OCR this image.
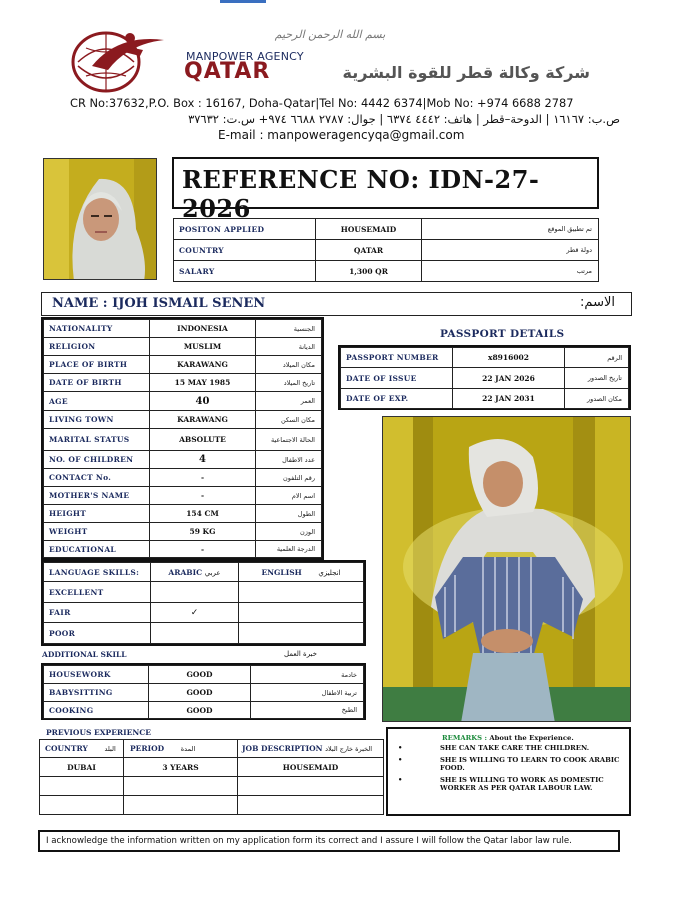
بسم الله الرحمن الرحيم
MANPOWER AGENCY
QATAR	شركة وكالة قطر للقوة البشرية
CR No:37632,P.O. Box : 16167, Doha-Qatar|Tel No: 4442 6374|Mob No: +974 6688 2787
ص.ب: ١٦١٦٧ | الدوحة–قطر | هاتف: ٤٤٤٢ ٦٣٧٤ | جوال: ٢٧٨٧ ٦٦٨٨ ٩٧٤+ س.ت: ٣٧٦٣٢
E-mail : manpoweragencyqa@gmail.com
REFERENCE NO: IDN-27-2026
POSITON APPLIED	HOUSEMAID	تم تطبيق الموقع
COUNTRY	QATAR	دولة قطر
SALARY	1,300 QR	مرتب
NAME : IJOH ISMAIL SENEN	الاسم:
NATIONALITY	INDONESIA	الجنسية
RELIGION	MUSLIM	الديانة
PLACE OF BIRTH	KARAWANG	مكان الميلاد
DATE OF BIRTH	15 MAY 1985	تاريخ الميلاد
AGE	40	العمر
LIVING TOWN	KARAWANG	مكان السكن
MARITAL STATUS	ABSOLUTE	الحالة الاجتماعية
NO. OF CHILDREN	4	عدد الاطفال
CONTACT No.	-	رقم التلفون
MOTHER'S NAME	-	اسم الام
HEIGHT	154 CM	الطول
WEIGHT	59 KG	الوزن
EDUCATIONAL	-	الدرجة العلمية
PASSPORT DETAILS
PASSPORT NUMBER	x8916002	الرقم
DATE OF ISSUE	22 JAN 2026	تاريخ الصدور
DATE OF EXP.	22 JAN 2031	مكان الصدور
LANGUAGE SKILLS:	ARABIC عربي	ENGLISH انجليزي
EXCELLENT		
FAIR	✓	
POOR		
ADDITIONAL SKILL	خبرة العمل
HOUSEWORK	GOOD	خادمة
BABYSITTING	GOOD	تربية الاطفال
COOKING	GOOD	الطبخ
PREVIOUS EXPERIENCE
COUNTRY البلد	PERIOD المدة	JOB DESCRIPTION الخبرة خارج البلاد
DUBAI	3 YEARS	HOUSEMAID

REMARKS : About the Experience.
•	SHE CAN TAKE CARE THE CHILDREN.
•	SHE IS WILLING TO LEARN TO COOK ARABIC FOOD.
•	SHE IS WILLING TO WORK AS DOMESTIC WORKER AS PER QATAR LABOUR LAW.
I acknowledge the information written on my application form its correct and I assure I will follow the Qatar labor law rule.
